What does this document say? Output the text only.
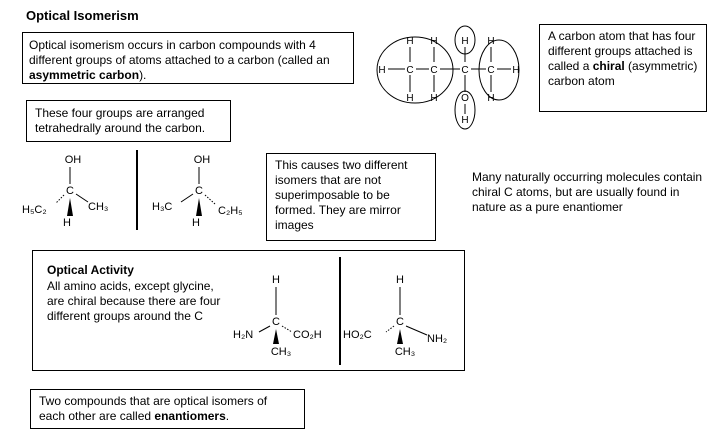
Optical Isomerism
Optical isomerism occurs in carbon compounds with 4 different groups of atoms attached to a carbon (called an asymmetric carbon).
These four groups are arranged tetrahedrally around the carbon.
A carbon atom that has four different groups attached is called a chiral (asymmetric) carbon atom
H H H H
H C C C C H
H H O H
H
OH
C
H₅C₂	CH₃
H
OH
C
H₃C	C₂H₅
H
This causes two different isomers that are not superimposable to be formed. They are mirror images
Many naturally occurring molecules contain chiral C atoms, but are usually found in nature as a pure enantiomer
Optical Activity
All amino acids, except glycine, are chiral because there are four different groups around the C
H
C
H₂N	CO₂H
CH₃
H
C
HO₂C	NH₂
CH₃
Two compounds that are optical isomers of each other are called enantiomers.
